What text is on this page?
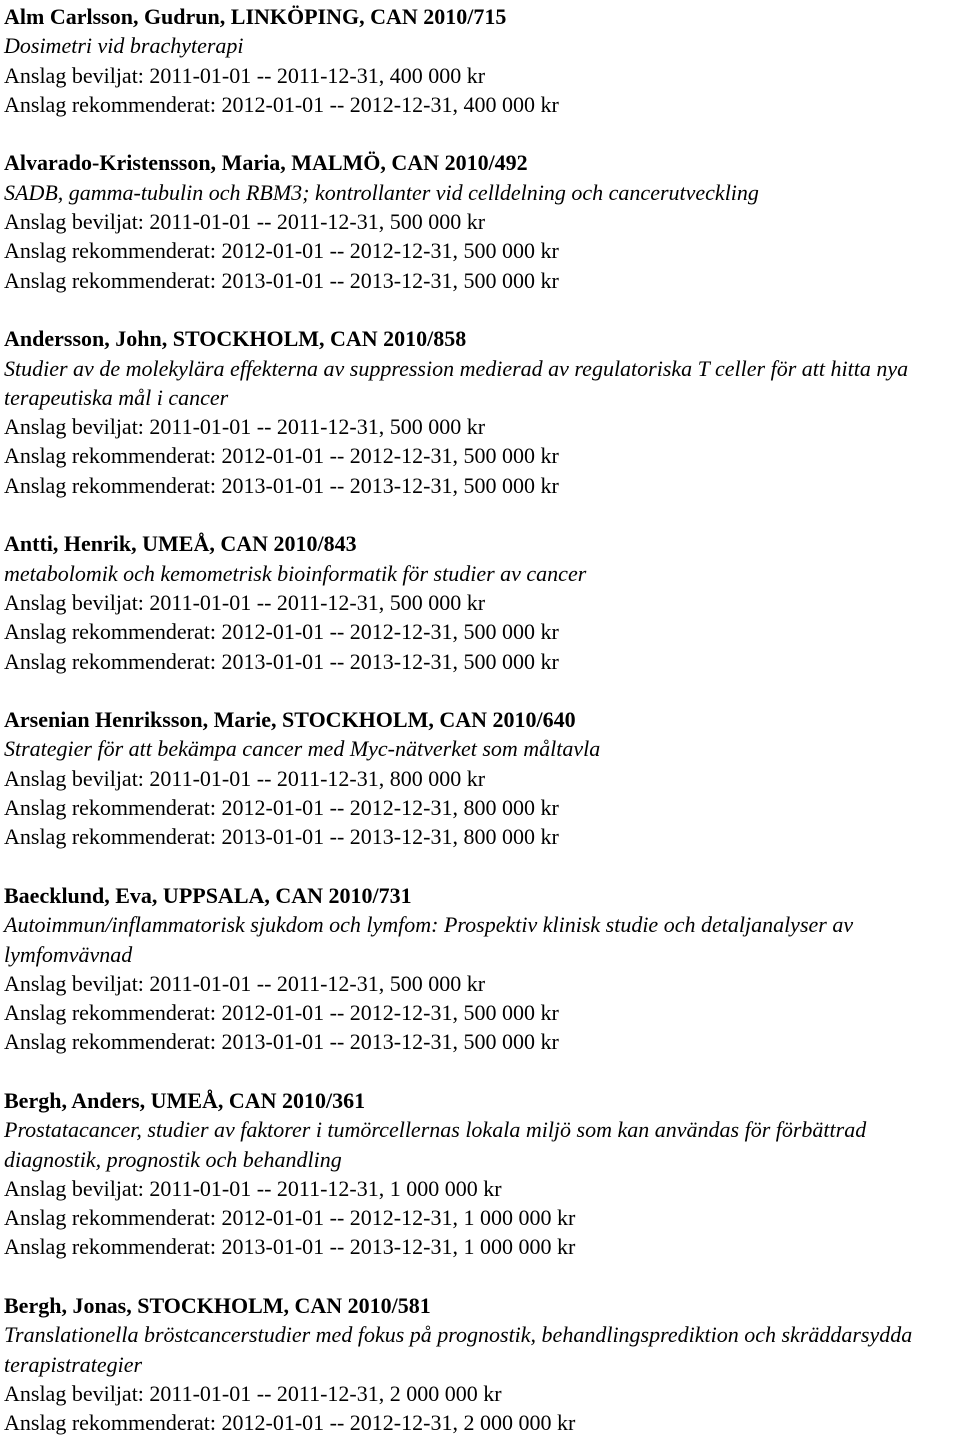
Alm Carlsson, Gudrun, LINKÖPING, CAN 2010/715
Dosimetri vid brachyterapi
Anslag beviljat: 2011-01-01 -- 2011-12-31, 400 000 kr
Anslag rekommenderat: 2012-01-01 -- 2012-12-31, 400 000 kr
Alvarado-Kristensson, Maria, MALMÖ, CAN 2010/492
SADB, gamma-tubulin och RBM3; kontrollanter vid celldelning och cancerutveckling
Anslag beviljat: 2011-01-01 -- 2011-12-31, 500 000 kr
Anslag rekommenderat: 2012-01-01 -- 2012-12-31, 500 000 kr
Anslag rekommenderat: 2013-01-01 -- 2013-12-31, 500 000 kr
Andersson, John, STOCKHOLM, CAN 2010/858
Studier av de molekylära effekterna av suppression medierad av regulatoriska T celler för att hitta nya terapeutiska mål i cancer
Anslag beviljat: 2011-01-01 -- 2011-12-31, 500 000 kr
Anslag rekommenderat: 2012-01-01 -- 2012-12-31, 500 000 kr
Anslag rekommenderat: 2013-01-01 -- 2013-12-31, 500 000 kr
Antti, Henrik, UMEÅ, CAN 2010/843
metabolomik och kemometrisk bioinformatik för studier av cancer
Anslag beviljat: 2011-01-01 -- 2011-12-31, 500 000 kr
Anslag rekommenderat: 2012-01-01 -- 2012-12-31, 500 000 kr
Anslag rekommenderat: 2013-01-01 -- 2013-12-31, 500 000 kr
Arsenian Henriksson, Marie, STOCKHOLM, CAN 2010/640
Strategier för att bekämpa cancer med Myc-nätverket som måltavla
Anslag beviljat: 2011-01-01 -- 2011-12-31, 800 000 kr
Anslag rekommenderat: 2012-01-01 -- 2012-12-31, 800 000 kr
Anslag rekommenderat: 2013-01-01 -- 2013-12-31, 800 000 kr
Baecklund, Eva, UPPSALA, CAN 2010/731
Autoimmun/inflammatorisk sjukdom och lymfom: Prospektiv klinisk studie och detaljanalyser av lymfomvävnad
Anslag beviljat: 2011-01-01 -- 2011-12-31, 500 000 kr
Anslag rekommenderat: 2012-01-01 -- 2012-12-31, 500 000 kr
Anslag rekommenderat: 2013-01-01 -- 2013-12-31, 500 000 kr
Bergh, Anders, UMEÅ, CAN 2010/361
Prostatacancer, studier av faktorer i tumörcellernas lokala miljö som kan användas för förbättrad diagnostik, prognostik och behandling
Anslag beviljat: 2011-01-01 -- 2011-12-31, 1 000 000 kr
Anslag rekommenderat: 2012-01-01 -- 2012-12-31, 1 000 000 kr
Anslag rekommenderat: 2013-01-01 -- 2013-12-31, 1 000 000 kr
Bergh, Jonas, STOCKHOLM, CAN 2010/581
Translationella bröstcancerstudier med fokus på prognostik, behandlingsprediktion och skräddarsydda terapistrategier
Anslag beviljat: 2011-01-01 -- 2011-12-31, 2 000 000 kr
Anslag rekommenderat: 2012-01-01 -- 2012-12-31, 2 000 000 kr
